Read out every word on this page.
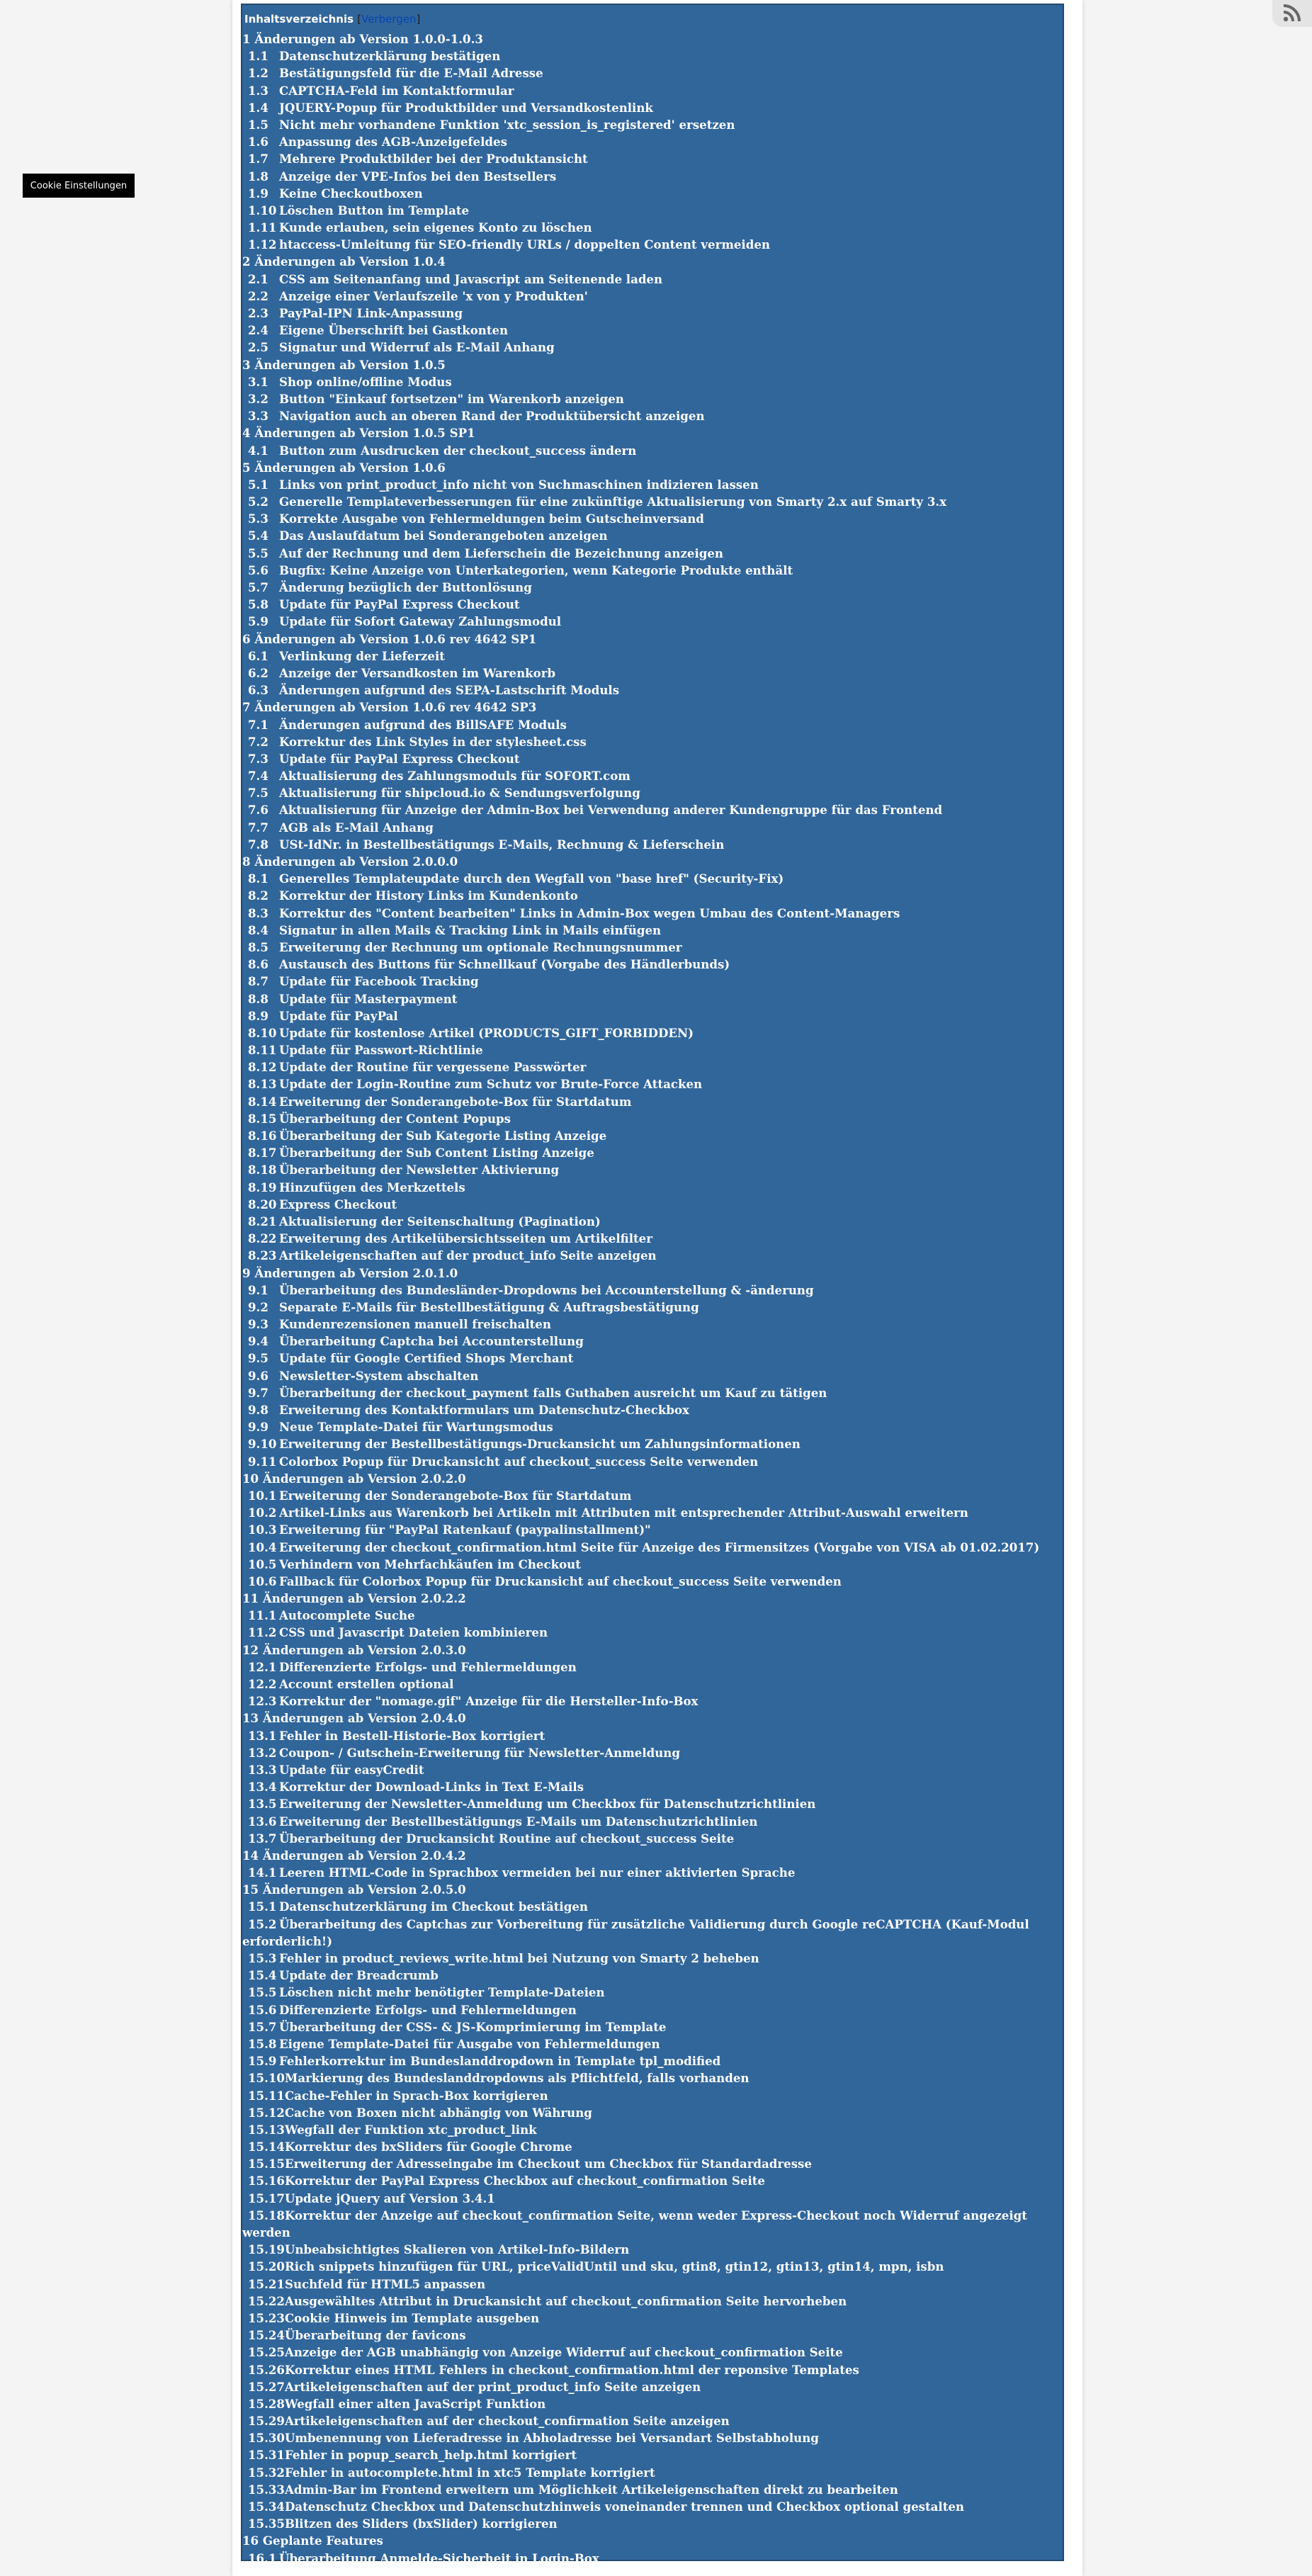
Inhaltsverzeichnis [Verbergen]
1 Änderungen ab Version 1.0.0-1.0.3
1.1 Datenschutzerklärung bestätigen
1.2 Bestätigungsfeld für die E-Mail Adresse
1.3 CAPTCHA-Feld im Kontaktformular
1.4 JQUERY-Popup für Produktbilder und Versandkostenlink
1.5 Nicht mehr vorhandene Funktion 'xtc_session_is_registered' ersetzen
1.6 Anpassung des AGB-Anzeigefeldes
1.7 Mehrere Produktbilder bei der Produktansicht
1.8 Anzeige der VPE-Infos bei den Bestsellers
1.9 Keine Checkoutboxen
1.10 Löschen Button im Template
1.11 Kunde erlauben, sein eigenes Konto zu löschen
1.12 htaccess-Umleitung für SEO-friendly URLs / doppelten Content vermeiden
2 Änderungen ab Version 1.0.4
2.1 CSS am Seitenanfang und Javascript am Seitenende laden
2.2 Anzeige einer Verlaufszeile 'x von y Produkten'
2.3 PayPal-IPN Link-Anpassung
2.4 Eigene Überschrift bei Gastkonten
2.5 Signatur und Widerruf als E-Mail Anhang
3 Änderungen ab Version 1.0.5
3.1 Shop online/offline Modus
3.2 Button "Einkauf fortsetzen" im Warenkorb anzeigen
3.3 Navigation auch an oberen Rand der Produktübersicht anzeigen
4 Änderungen ab Version 1.0.5 SP1
4.1 Button zum Ausdrucken der checkout_success ändern
5 Änderungen ab Version 1.0.6
5.1 Links von print_product_info nicht von Suchmaschinen indizieren lassen
5.2 Generelle Templateverbesserungen für eine zukünftige Aktualisierung von Smarty 2.x auf Smarty 3.x
5.3 Korrekte Ausgabe von Fehlermeldungen beim Gutscheinversand
5.4 Das Auslaufdatum bei Sonderangeboten anzeigen
5.5 Auf der Rechnung und dem Lieferschein die Bezeichnung anzeigen
5.6 Bugfix: Keine Anzeige von Unterkategorien, wenn Kategorie Produkte enthält
5.7 Änderung bezüglich der Buttonlösung
5.8 Update für PayPal Express Checkout
5.9 Update für Sofort Gateway Zahlungsmodul
6 Änderungen ab Version 1.0.6 rev 4642 SP1
6.1 Verlinkung der Lieferzeit
6.2 Anzeige der Versandkosten im Warenkorb
6.3 Änderungen aufgrund des SEPA-Lastschrift Moduls
7 Änderungen ab Version 1.0.6 rev 4642 SP3
7.1 Änderungen aufgrund des BillSAFE Moduls
7.2 Korrektur des Link Styles in der stylesheet.css
7.3 Update für PayPal Express Checkout
7.4 Aktualisierung des Zahlungsmoduls für SOFORT.com
7.5 Aktualisierung für shipcloud.io & Sendungsverfolgung
7.6 Aktualisierung für Anzeige der Admin-Box bei Verwendung anderer Kundengruppe für das Frontend
7.7 AGB als E-Mail Anhang
7.8 USt-IdNr. in Bestellbestätigungs E-Mails, Rechnung & Lieferschein
8 Änderungen ab Version 2.0.0.0
8.1 Generelles Templateupdate durch den Wegfall von "base href" (Security-Fix)
8.2 Korrektur der History Links im Kundenkonto
8.3 Korrektur des "Content bearbeiten" Links in Admin-Box wegen Umbau des Content-Managers
8.4 Signatur in allen Mails & Tracking Link in Mails einfügen
8.5 Erweiterung der Rechnung um optionale Rechnungsnummer
8.6 Austausch des Buttons für Schnellkauf (Vorgabe des Händlerbunds)
8.7 Update für Facebook Tracking
8.8 Update für Masterpayment
8.9 Update für PayPal
8.10 Update für kostenlose Artikel (PRODUCTS_GIFT_FORBIDDEN)
8.11 Update für Passwort-Richtlinie
8.12 Update der Routine für vergessene Passwörter
8.13 Update der Login-Routine zum Schutz vor Brute-Force Attacken
8.14 Erweiterung der Sonderangebote-Box für Startdatum
8.15 Überarbeitung der Content Popups
8.16 Überarbeitung der Sub Kategorie Listing Anzeige
8.17 Überarbeitung der Sub Content Listing Anzeige
8.18 Überarbeitung der Newsletter Aktivierung
8.19 Hinzufügen des Merkzettels
8.20 Express Checkout
8.21 Aktualisierung der Seitenschaltung (Pagination)
8.22 Erweiterung des Artikelübersichtsseiten um Artikelfilter
8.23 Artikeleigenschaften auf der product_info Seite anzeigen
9 Änderungen ab Version 2.0.1.0
9.1 Überarbeitung des Bundesländer-Dropdowns bei Accounterstellung & -änderung
9.2 Separate E-Mails für Bestellbestätigung & Auftragsbestätigung
9.3 Kundenrezensionen manuell freischalten
9.4 Überarbeitung Captcha bei Accounterstellung
9.5 Update für Google Certified Shops Merchant
9.6 Newsletter-System abschalten
9.7 Überarbeitung der checkout_payment falls Guthaben ausreicht um Kauf zu tätigen
9.8 Erweiterung des Kontaktformulars um Datenschutz-Checkbox
9.9 Neue Template-Datei für Wartungsmodus
9.10 Erweiterung der Bestellbestätigungs-Druckansicht um Zahlungsinformationen
9.11 Colorbox Popup für Druckansicht auf checkout_success Seite verwenden
10 Änderungen ab Version 2.0.2.0
10.1 Erweiterung der Sonderangebote-Box für Startdatum
10.2 Artikel-Links aus Warenkorb bei Artikeln mit Attributen mit entsprechender Attribut-Auswahl erweitern
10.3 Erweiterung für "PayPal Ratenkauf (paypalinstallment)"
10.4 Erweiterung der checkout_confirmation.html Seite für Anzeige des Firmensitzes (Vorgabe von VISA ab 01.02.2017)
10.5 Verhindern von Mehrfachkäufen im Checkout
10.6 Fallback für Colorbox Popup für Druckansicht auf checkout_success Seite verwenden
11 Änderungen ab Version 2.0.2.2
11.1 Autocomplete Suche
11.2 CSS und Javascript Dateien kombinieren
12 Änderungen ab Version 2.0.3.0
12.1 Differenzierte Erfolgs- und Fehlermeldungen
12.2 Account erstellen optional
12.3 Korrektur der "nomage.gif" Anzeige für die Hersteller-Info-Box
13 Änderungen ab Version 2.0.4.0
13.1 Fehler in Bestell-Historie-Box korrigiert
13.2 Coupon- / Gutschein-Erweiterung für Newsletter-Anmeldung
13.3 Update für easyCredit
13.4 Korrektur der Download-Links in Text E-Mails
13.5 Erweiterung der Newsletter-Anmeldung um Checkbox für Datenschutzrichtlinien
13.6 Erweiterung der Bestellbestätigungs E-Mails um Datenschutzrichtlinien
13.7 Überarbeitung der Druckansicht Routine auf checkout_success Seite
14 Änderungen ab Version 2.0.4.2
14.1 Leeren HTML-Code in Sprachbox vermeiden bei nur einer aktivierten Sprache
15 Änderungen ab Version 2.0.5.0
15.1 Datenschutzerklärung im Checkout bestätigen
15.2 Überarbeitung des Captchas zur Vorbereitung für zusätzliche Validierung durch Google reCAPTCHA (Kauf-Modul
erforderlich!)
15.3 Fehler in product_reviews_write.html bei Nutzung von Smarty 2 beheben
15.4 Update der Breadcrumb
15.5 Löschen nicht mehr benötigter Template-Dateien
15.6 Differenzierte Erfolgs- und Fehlermeldungen
15.7 Überarbeitung der CSS- & JS-Komprimierung im Template
15.8 Eigene Template-Datei für Ausgabe von Fehlermeldungen
15.9 Fehlerkorrektur im Bundeslanddropdown in Template tpl_modified
15.10Markierung des Bundeslanddropdowns als Pflichtfeld, falls vorhanden
15.11Cache-Fehler in Sprach-Box korrigieren
15.12Cache von Boxen nicht abhängig von Währung
15.13Wegfall der Funktion xtc_product_link
15.14Korrektur des bxSliders für Google Chrome
15.15Erweiterung der Adresseingabe im Checkout um Checkbox für Standardadresse
15.16Korrektur der PayPal Express Checkbox auf checkout_confirmation Seite
15.17Update jQuery auf Version 3.4.1
15.18Korrektur der Anzeige auf checkout_confirmation Seite, wenn weder Express-Checkout noch Widerruf angezeigt werden
15.19Unbeabsichtigtes Skalieren von Artikel-Info-Bildern
15.20Rich snippets hinzufügen für URL, priceValidUntil und sku, gtin8, gtin12, gtin13, gtin14, mpn, isbn
15.21Suchfeld für HTML5 anpassen
15.22Ausgewähltes Attribut in Druckansicht auf checkout_confirmation Seite hervorheben
15.23Cookie Hinweis im Template ausgeben
15.24Überarbeitung der favicons
15.25Anzeige der AGB unabhängig von Anzeige Widerruf auf checkout_confirmation Seite
15.26Korrektur eines HTML Fehlers in checkout_confirmation.html der reponsive Templates
15.27Artikeleigenschaften auf der print_product_info Seite anzeigen
15.28Wegfall einer alten JavaScript Funktion
15.29Artikeleigenschaften auf der checkout_confirmation Seite anzeigen
15.30Umbenennung von Lieferadresse in Abholadresse bei Versandart Selbstabholung
15.31Fehler in popup_search_help.html korrigiert
15.32Fehler in autocomplete.html in xtc5 Template korrigiert
15.33Admin-Bar im Frontend erweitern um Möglichkeit Artikeleigenschaften direkt zu bearbeiten
15.34Datenschutz Checkbox und Datenschutzhinweis voneinander trennen und Checkbox optional gestalten
15.35Blitzen des Sliders (bxSlider) korrigieren
16 Geplante Features
16.1 Überarbeitung Anmelde-Sicherheit in Login-Box
Cookie Einstellungen
